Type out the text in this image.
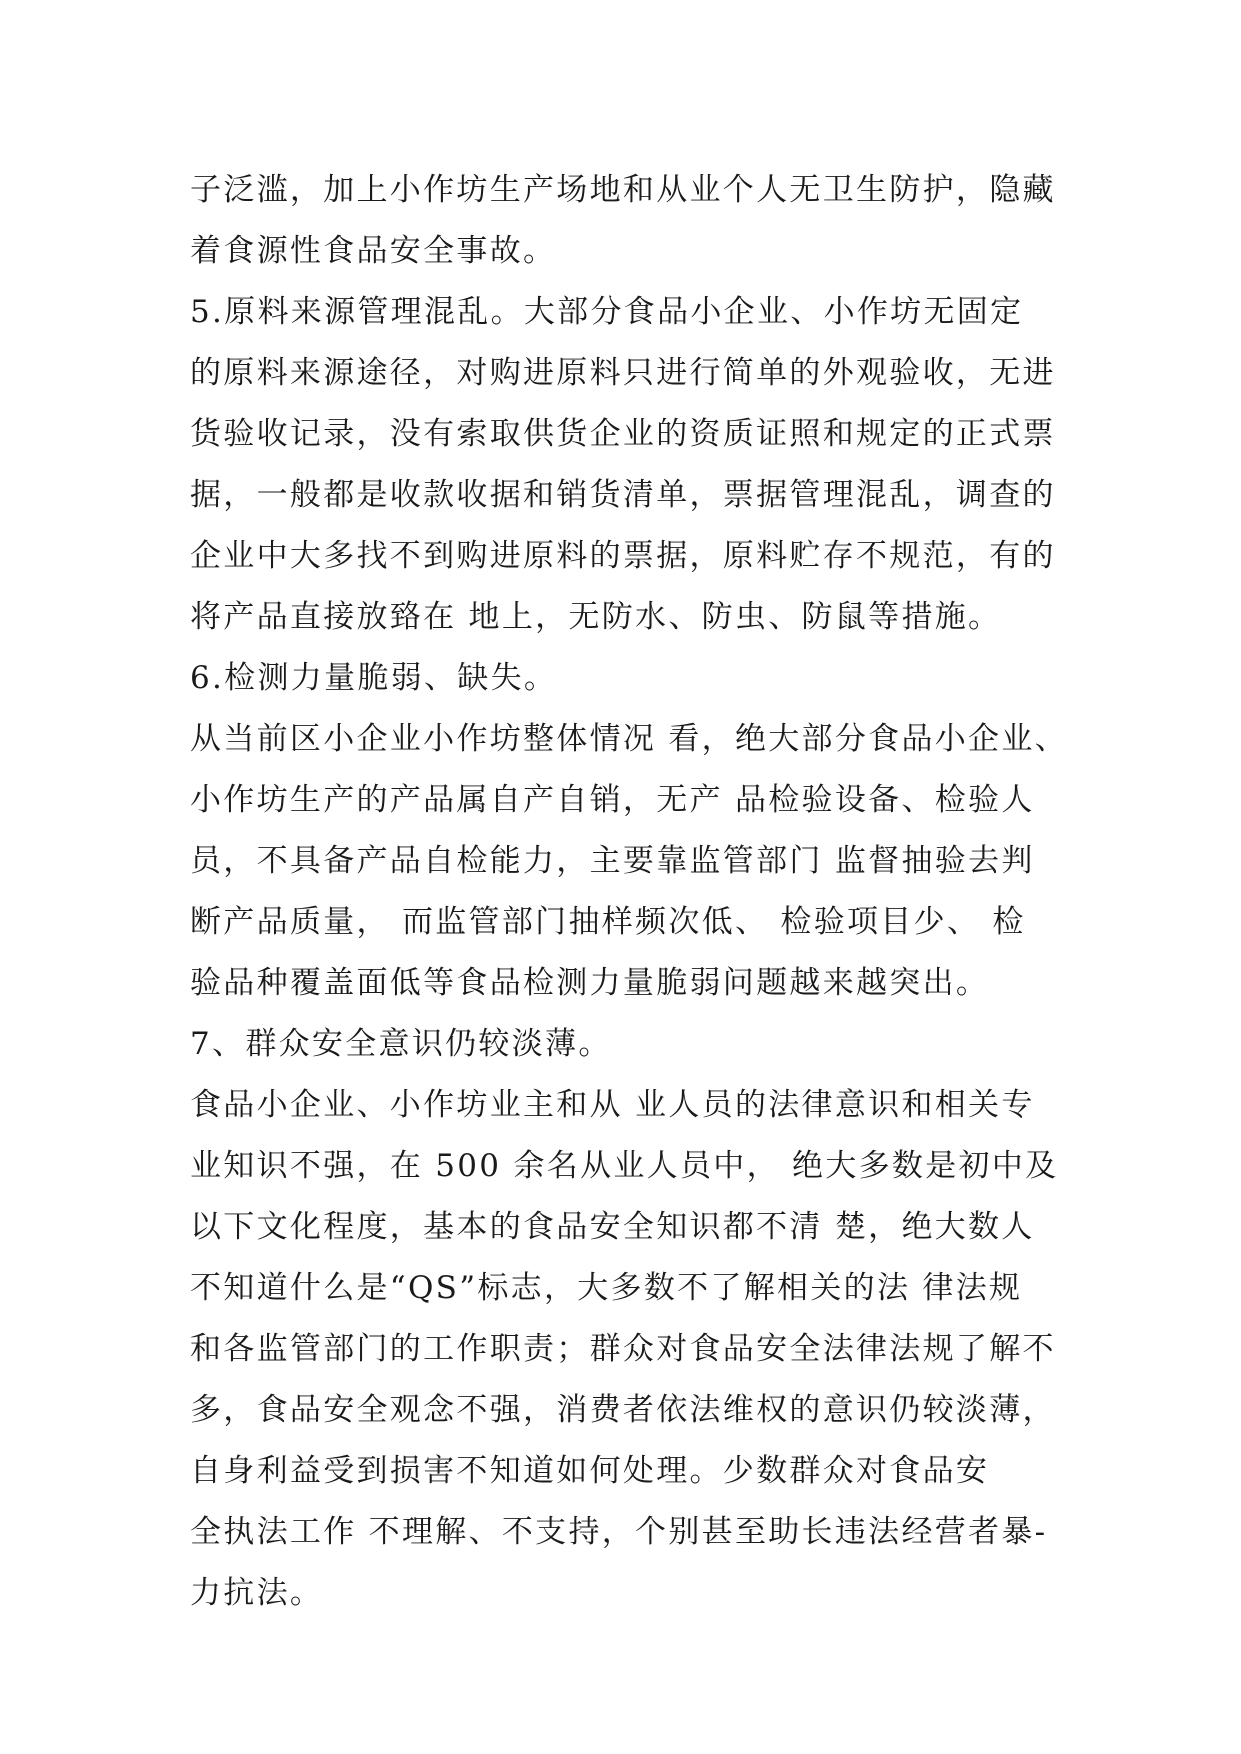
子泛滥，加上小作坊生产场地和从业个人无卫生防护，隐藏
着食源性食品安全事故。
5.原料来源管理混乱。大部分食品小企业、小作坊无固定
的原料来源途径，对购进原料只进行简单的外观验收，无进
货验收记录，没有索取供货企业的资质证照和规定的正式票
据，一般都是收款收据和销货清单，票据管理混乱，调查的
企业中大多找不到购进原料的票据，原料贮存不规范，有的
将产品直接放臵在 地上，无防水、防虫、防鼠等措施。
6.检测力量脆弱、缺失。
从当前区小企业小作坊整体情况 看，绝大部分食品小企业、
小作坊生产的产品属自产自销，无产 品检验设备、检验人
员，不具备产品自检能力，主要靠监管部门 监督抽验去判
断产品质量， 而监管部门抽样频次低、 检验项目少、 检
验品种覆盖面低等食品检测力量脆弱问题越来越突出。
7、群众安全意识仍较淡薄。
食品小企业、小作坊业主和从 业人员的法律意识和相关专
业知识不强，在 500 余名从业人员中， 绝大多数是初中及
以下文化程度，基本的食品安全知识都不清 楚，绝大数人
不知道什么是“QS”标志，大多数不了解相关的法 律法规
和各监管部门的工作职责；群众对食品安全法律法规了解不
多，食品安全观念不强，消费者依法维权的意识仍较淡薄，
自身利益受到损害不知道如何处理。少数群众对食品安
全执法工作 不理解、不支持，个别甚至助长违法经营者暴-
力抗法。
